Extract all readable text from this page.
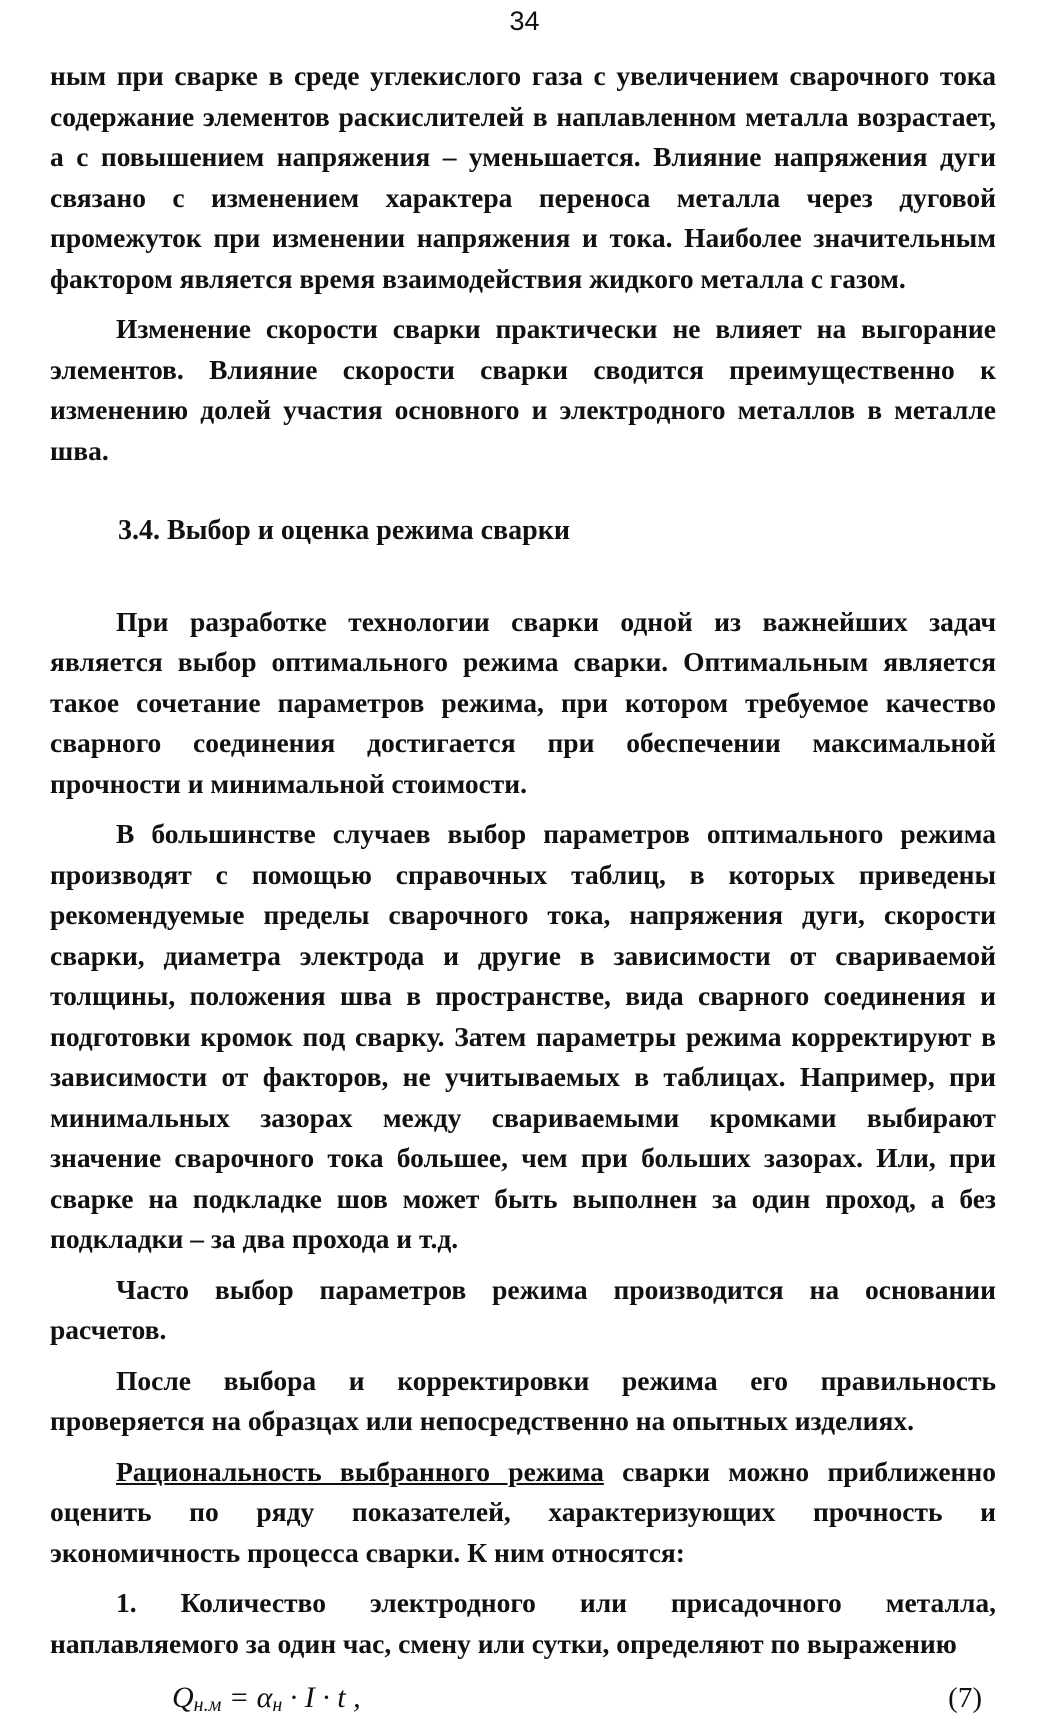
34

ным при сварке в среде углекислого газа с увеличением сварочного тока содержание элементов раскислителей в наплавленном металла возрастает, а с повышением напряжения – уменьшается. Влияние напряжения дуги связано с изменением характера переноса металла через дуговой промежуток при изменении напряжения и тока. Наиболее значительным фактором является время взаимодействия жидкого металла с газом.

Изменение скорости сварки практически не влияет на выгорание элементов. Влияние скорости сварки сводится преимущественно к изменению долей участия основного и электродного металлов в металле шва.

3.4. Выбор и оценка режима сварки

При разработке технологии сварки одной из важнейших задач является выбор оптимального режима сварки. Оптимальным является такое сочетание параметров режима, при котором требуемое качество сварного соединения достигается при обеспечении максимальной прочности и минимальной стоимости.

В большинстве случаев выбор параметров оптимального режима производят с помощью справочных таблиц, в которых приведены рекомендуемые пределы сварочного тока, напряжения дуги, скорости сварки, диаметра электрода и другие в зависимости от свариваемой толщины, положения шва в пространстве, вида сварного соединения и подготовки кромок под сварку. Затем параметры режима корректируют в зависимости от факторов, не учитываемых в таблицах. Например, при минимальных зазорах между свариваемыми кромками выбирают значение сварочного тока большее, чем при больших зазорах. Или, при сварке на подкладке шов может быть выполнен за один проход, а без подкладки – за два прохода и т.д.

Часто выбор параметров режима производится на основании расчетов.

После выбора и корректировки режима его правильность проверяется на образцах или непосредственно на опытных изделиях.

Рациональность выбранного режима сварки можно приближенно оценить по ряду показателей, характеризующих прочность и экономичность процесса сварки. К ним относятся:

1. Количество электродного или присадочного металла, наплавляемого за один час, смену или сутки, определяют по выражению

$Q_{н.м} = \alpha_н \cdot I \cdot t$ ,	(7)
